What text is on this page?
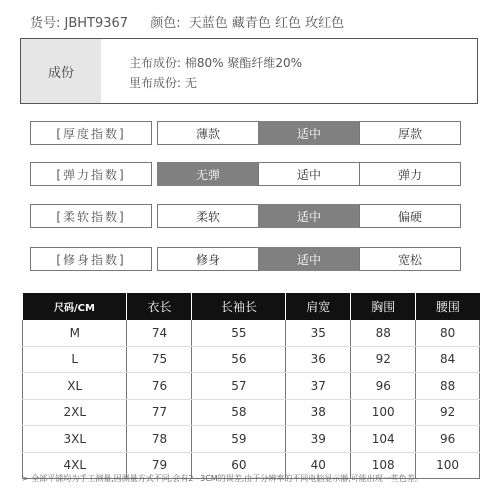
货号: JBHT9367 颜色: 天蓝色 藏青色 红色 玫红色
成份
主布成份: 棉80% 聚酯纤维20%
里布成份: 无
[厚度指数]	薄款	适中	厚款
[弹力指数]	无弹	适中	弹力
[柔软指数]	柔软	适中	偏硬
[修身指数]	修身	适中	宽松
尺码/CM	衣长	长袖长	肩宽	胸围	腰围
M	74	55	35	88	80
L	75	56	36	92	84
XL	76	57	37	96	88
2XL	77	58	38	100	92
3XL	78	59	39	104	96
4XL	79	60	40	108	100
> 全部平铺均为手工测量,因测量方式不同,会有2~3CM的误差,由于分辨率的不同电脑显示器,可能出现一些色差。
